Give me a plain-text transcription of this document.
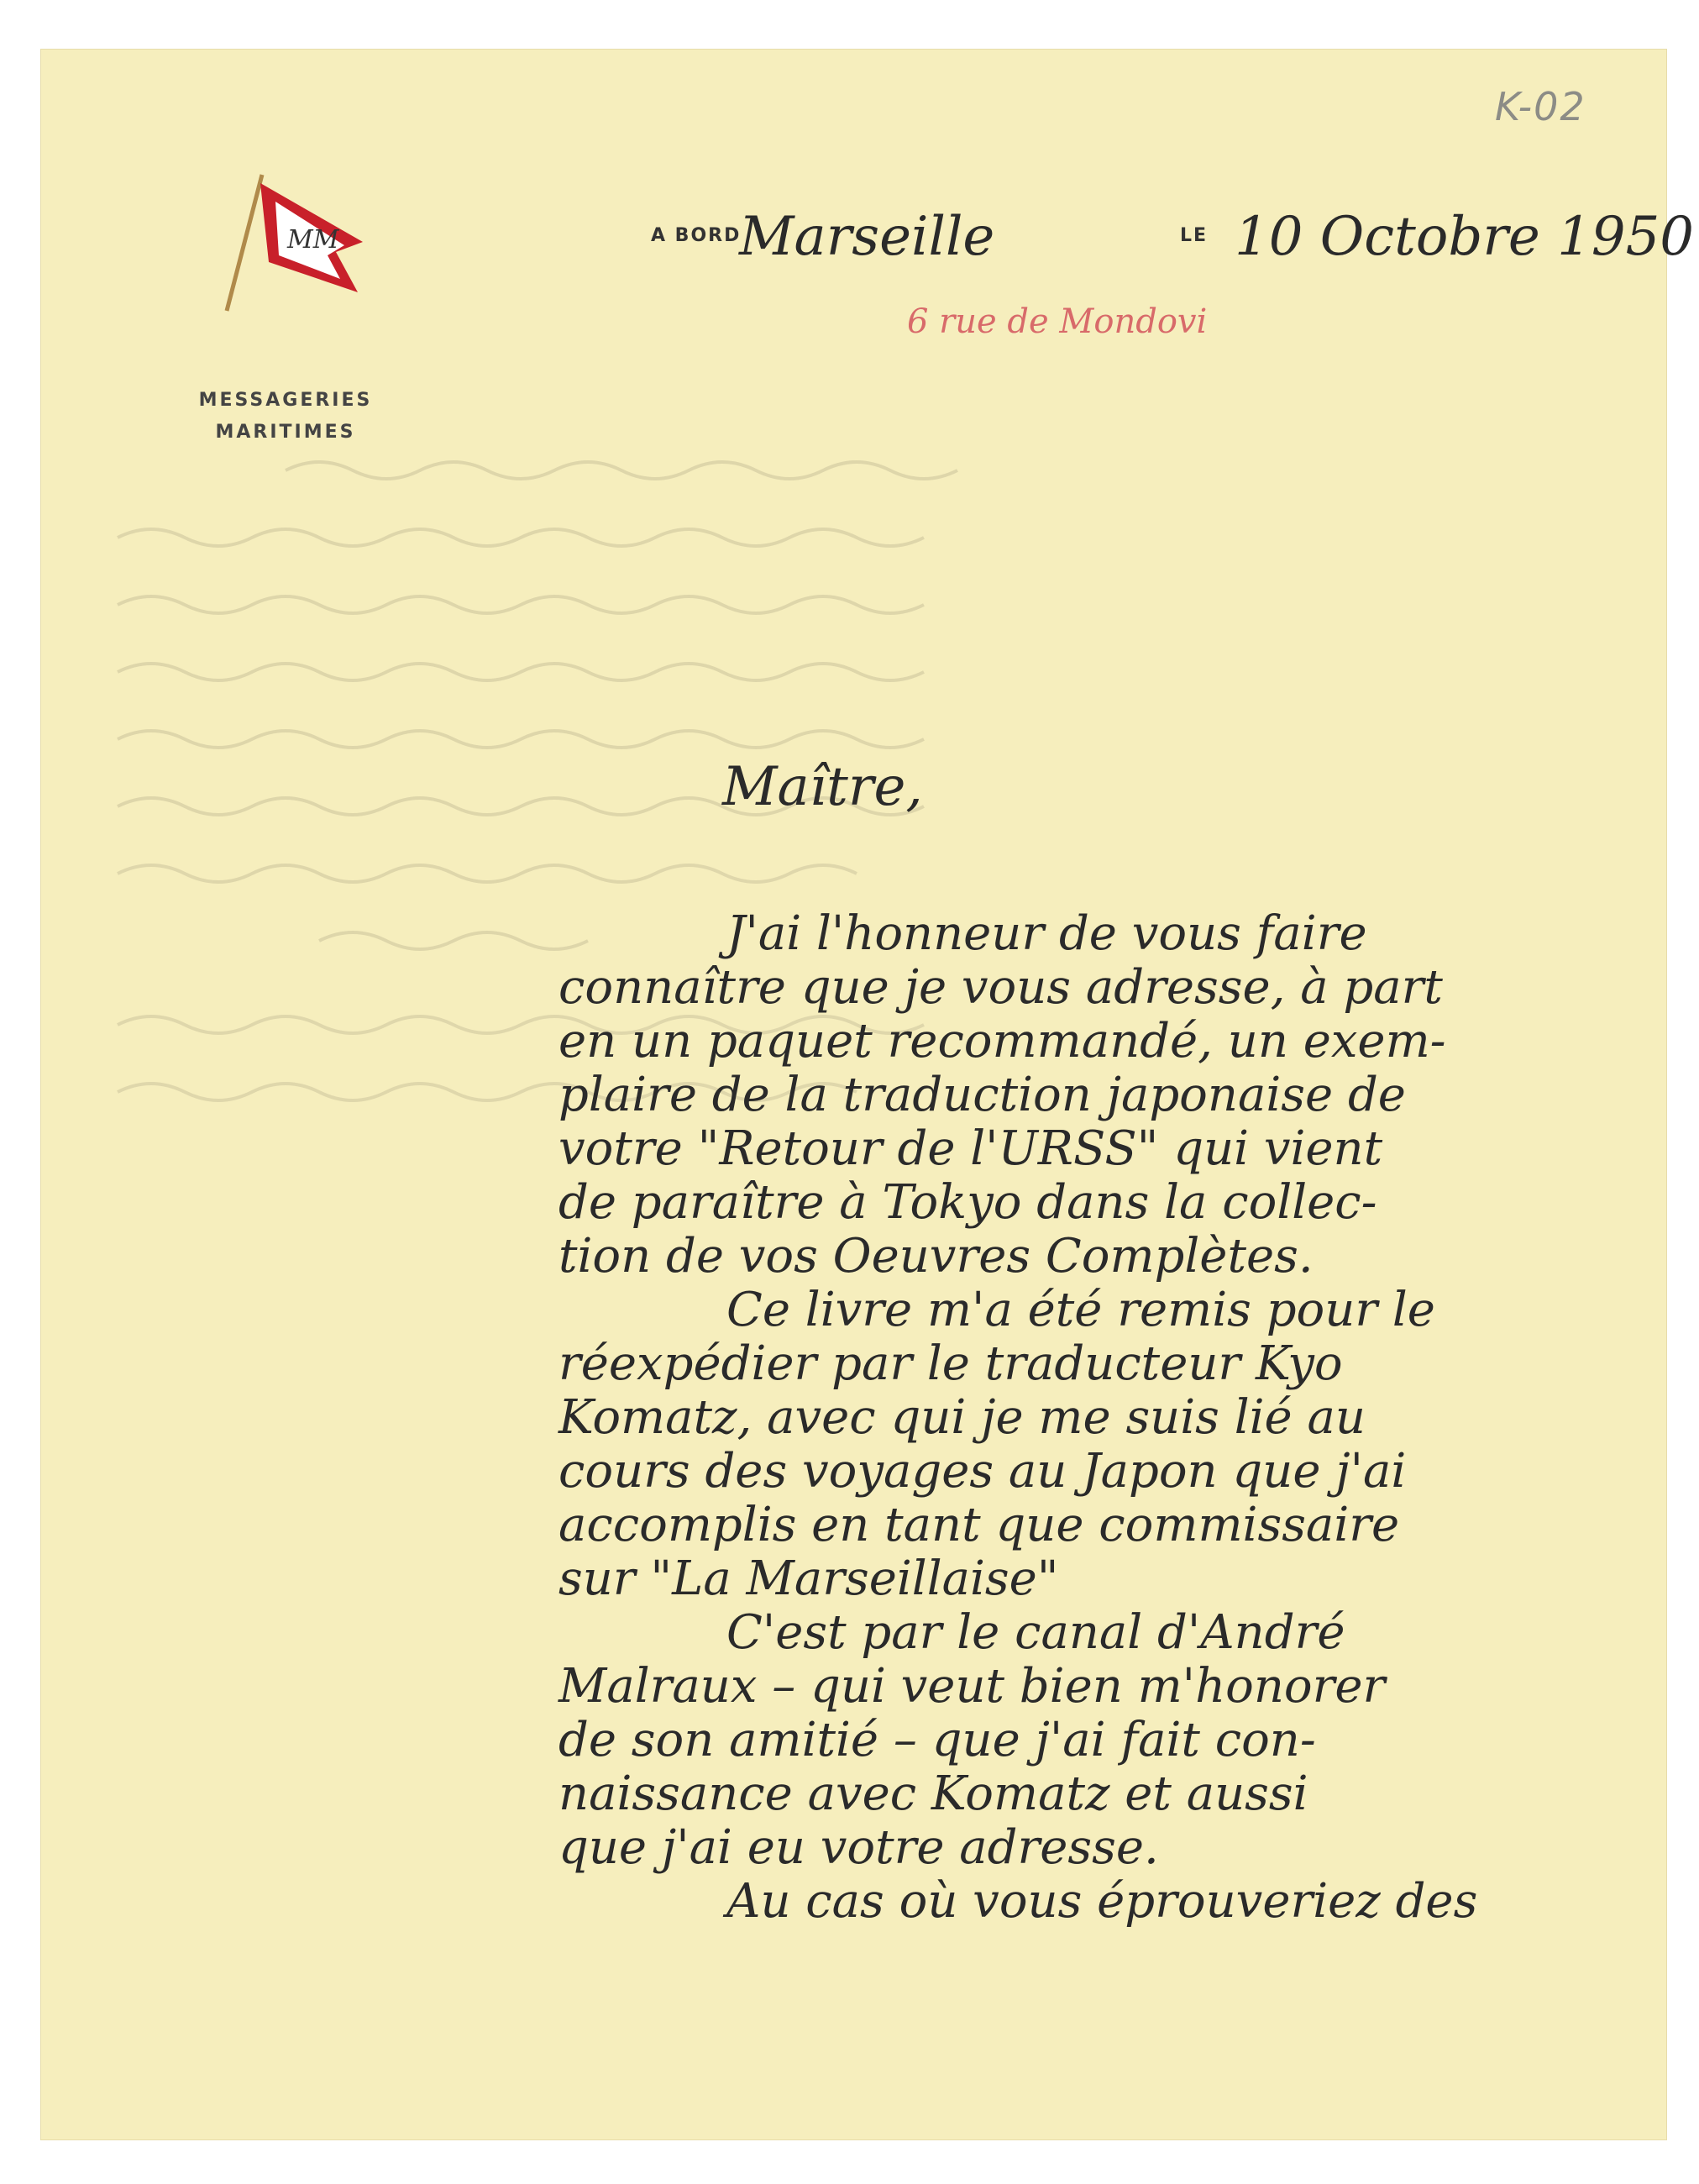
K-02
MM
MESSAGERIES
MARITIMES
A BORD
Marseille	LE 10 Octobre 1950
6 rue de Mondovi
Maître,
J'ai l'honneur de vous faire
connaître que je vous adresse, à part
en un paquet recommandé, un exem-
plaire de la traduction japonaise de
votre "Retour de l'URSS" qui vient
de paraître à Tokyo dans la collec-
tion de vos Oeuvres Complètes.
Ce livre m'a été remis pour le
réexpédier par le traducteur Kyo
Komatz, avec qui je me suis lié au
cours des voyages au Japon que j'ai
accomplis en tant que commissaire
sur "La Marseillaise"
C'est par le canal d'André
Malraux – qui veut bien m'honorer
de son amitié – que j'ai fait con-
naissance avec Komatz et aussi
que j'ai eu votre adresse.
Au cas où vous éprouveriez des
